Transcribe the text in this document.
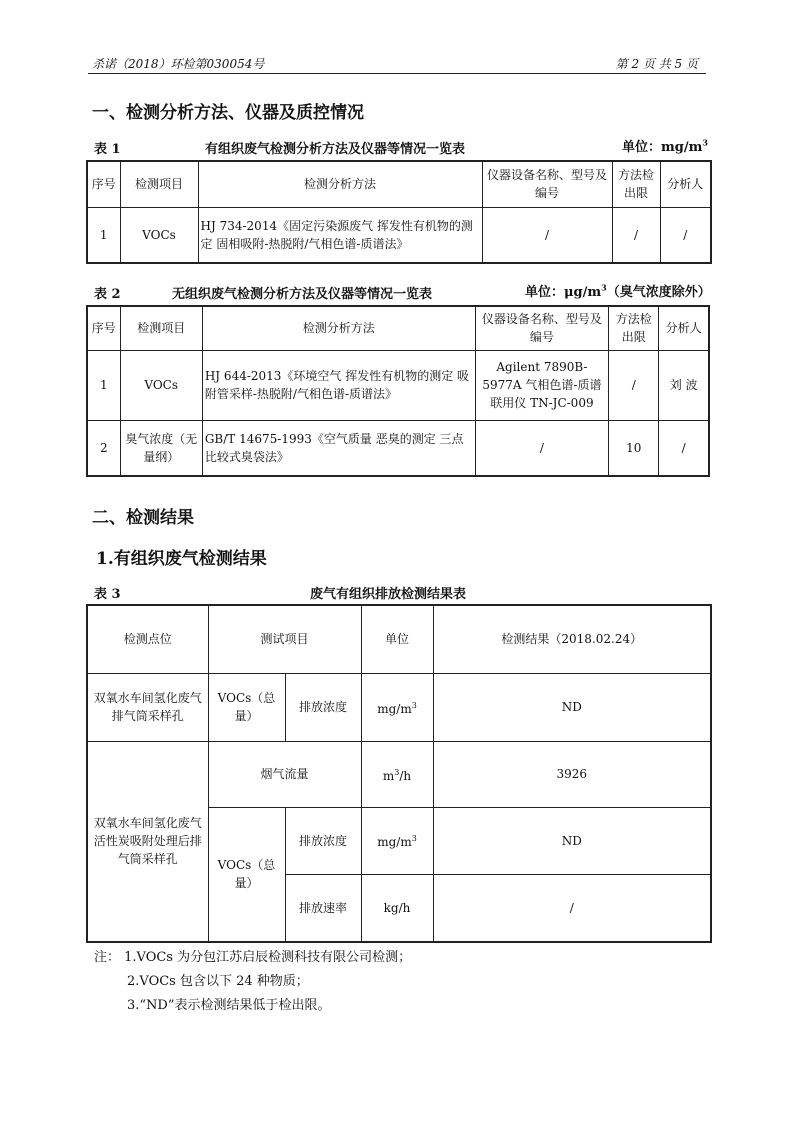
杀诺（2018）环检第030054号	第 2 页 共 5 页
一、检测分析方法、仪器及质控情况
表 1	有组织废气检测分析方法及仪器等情况一览表	单位：$mg/m^3$
序号	检测项目	检测分析方法	仪器设备名称、型号及编号	方法检出限	分析人
1	VOCs	HJ 734-2014《固定污染源废气 挥发性有机物的测定 固相吸附-热脱附/气相色谱-质谱法》	/	/	/
表 2	无组织废气检测分析方法及仪器等情况一览表	单位：$\mu g/m^3$（臭气浓度除外）
序号	检测项目	检测分析方法	仪器设备名称、型号及编号	方法检出限	分析人
1	VOCs	HJ 644-2013《环境空气 挥发性有机物的测定 吸附管采样-热脱附/气相色谱-质谱法》	Agilent 7890B-5977A 气相色谱-质谱联用仪 TN-JC-009	/	刘 波
2	臭气浓度（无量纲）	GB/T 14675-1993《空气质量 恶臭的测定 三点比较式臭袋法》	/	10	/
二、检测结果
1.有组织废气检测结果
表 3	废气有组织排放检测结果表
检测点位	测试项目		单位	检测结果（2018.02.24）
双氧水车间氢化废气排气筒采样孔	VOCs（总量）	排放浓度	$mg/m^3$	ND
双氧水车间氢化废气活性炭吸附处理后排气筒采样孔	烟气流量		$m^3/h$	3926
	VOCs（总量）	排放浓度	$mg/m^3$	ND
		排放速率	kg/h	/
注： 1.VOCs 为分包江苏启辰检测科技有限公司检测；
2.VOCs 包含以下 24 种物质；
3.“ND”表示检测结果低于检出限。
